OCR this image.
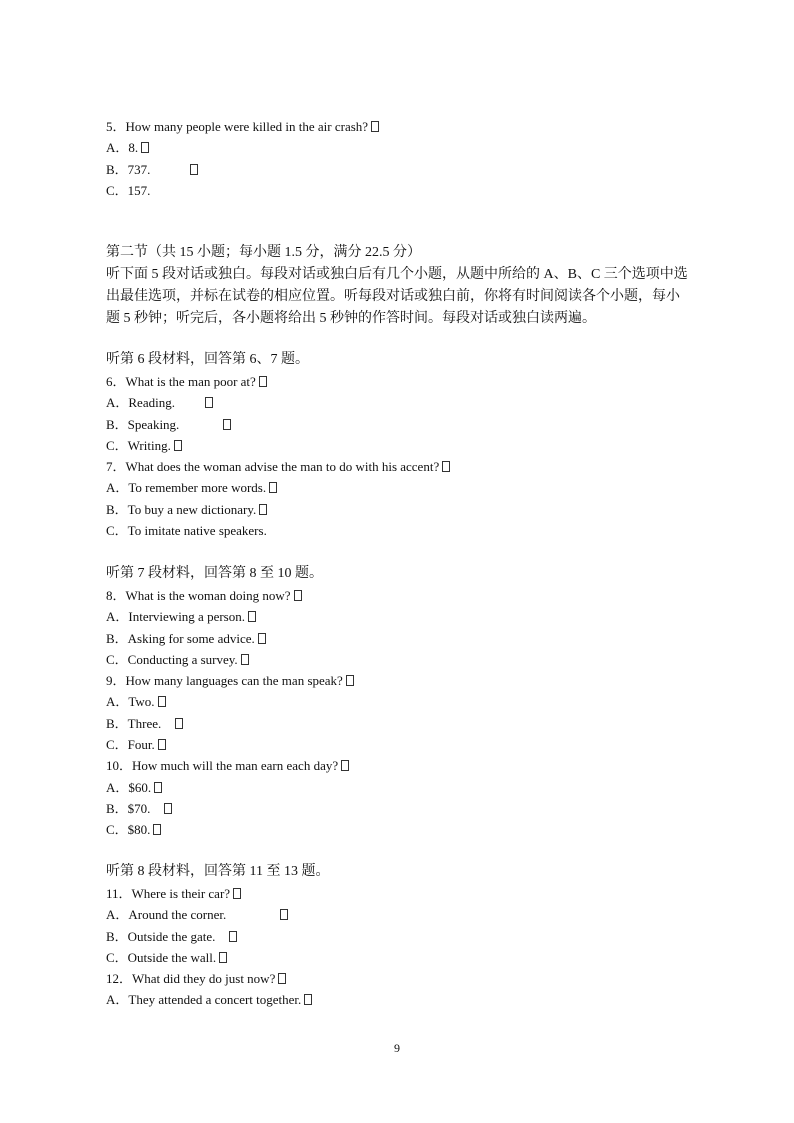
5．How many people were killed in the air crash?
A．8.
B．737.
C．157.
第二节（共 15 小题；每小题 1.5 分，满分 22.5 分）
听下面 5 段对话或独白。每段对话或独白后有几个小题，从题中所给的 A、B、C 三个选项中选
出最佳选项，并标在试卷的相应位置。听每段对话或独白前，你将有时间阅读各个小题，每小
题 5 秒钟；听完后，各小题将给出 5 秒钟的作答时间。每段对话或独白读两遍。
听第 6 段材料，回答第 6、7 题。
6．What is the man poor at?
A．Reading.
B．Speaking.
C．Writing.
7．What does the woman advise the man to do with his accent?
A．To remember more words.
B．To buy a new dictionary.
C．To imitate native speakers.
听第 7 段材料，回答第 8 至 10 题。
8．What is the woman doing now?
A．Interviewing a person.
B．Asking for some advice.
C．Conducting a survey.
9．How many languages can the man speak?
A．Two.
B．Three.
C．Four.
10．How much will the man earn each day?
A．$60.
B．$70.
C．$80.
听第 8 段材料，回答第 11 至 13 题。
11．Where is their car?
A．Around the corner.
B．Outside the gate.
C．Outside the wall.
12．What did they do just now?
A．They attended a concert together.
9
